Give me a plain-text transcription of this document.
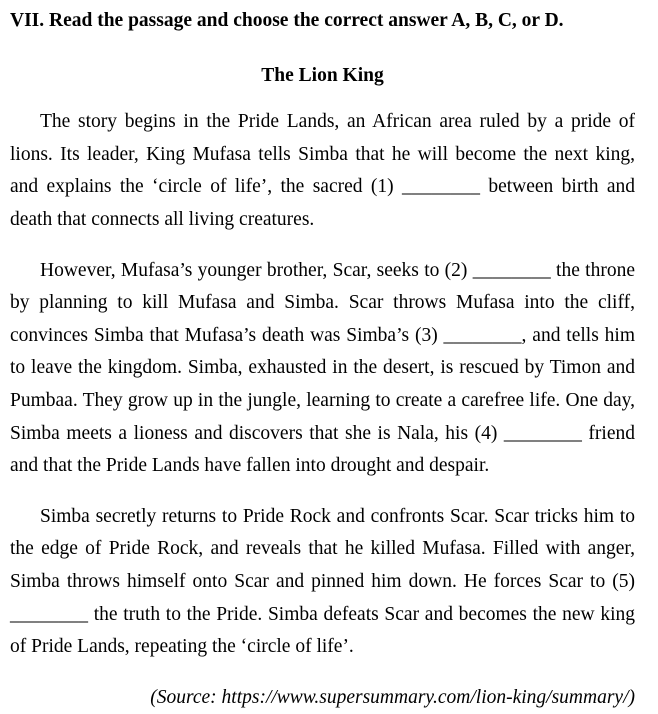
VII. Read the passage and choose the correct answer A, B, C, or D.
The Lion King

The story begins in the Pride Lands, an African area ruled by a pride of lions. Its leader, King Mufasa tells Simba that he will become the next king, and explains the ‘circle of life’, the sacred (1) ________ between birth and death that connects all living creatures.

However, Mufasa’s younger brother, Scar, seeks to (2) ________ the throne by planning to kill Mufasa and Simba. Scar throws Mufasa into the cliff, convinces Simba that Mufasa’s death was Simba’s (3) ________, and tells him to leave the kingdom. Simba, exhausted in the desert, is rescued by Timon and Pumbaa. They grow up in the jungle, learning to create a carefree life. One day, Simba meets a lioness and discovers that she is Nala, his (4) ________ friend and that the Pride Lands have fallen into drought and despair.

Simba secretly returns to Pride Rock and confronts Scar. Scar tricks him to the edge of Pride Rock, and reveals that he killed Mufasa. Filled with anger, Simba throws himself onto Scar and pinned him down. He forces Scar to (5) ________ the truth to the Pride. Simba defeats Scar and becomes the new king of Pride Lands, repeating the ‘circle of life’.

(Source: https://www.supersummary.com/lion-king/summary/)
